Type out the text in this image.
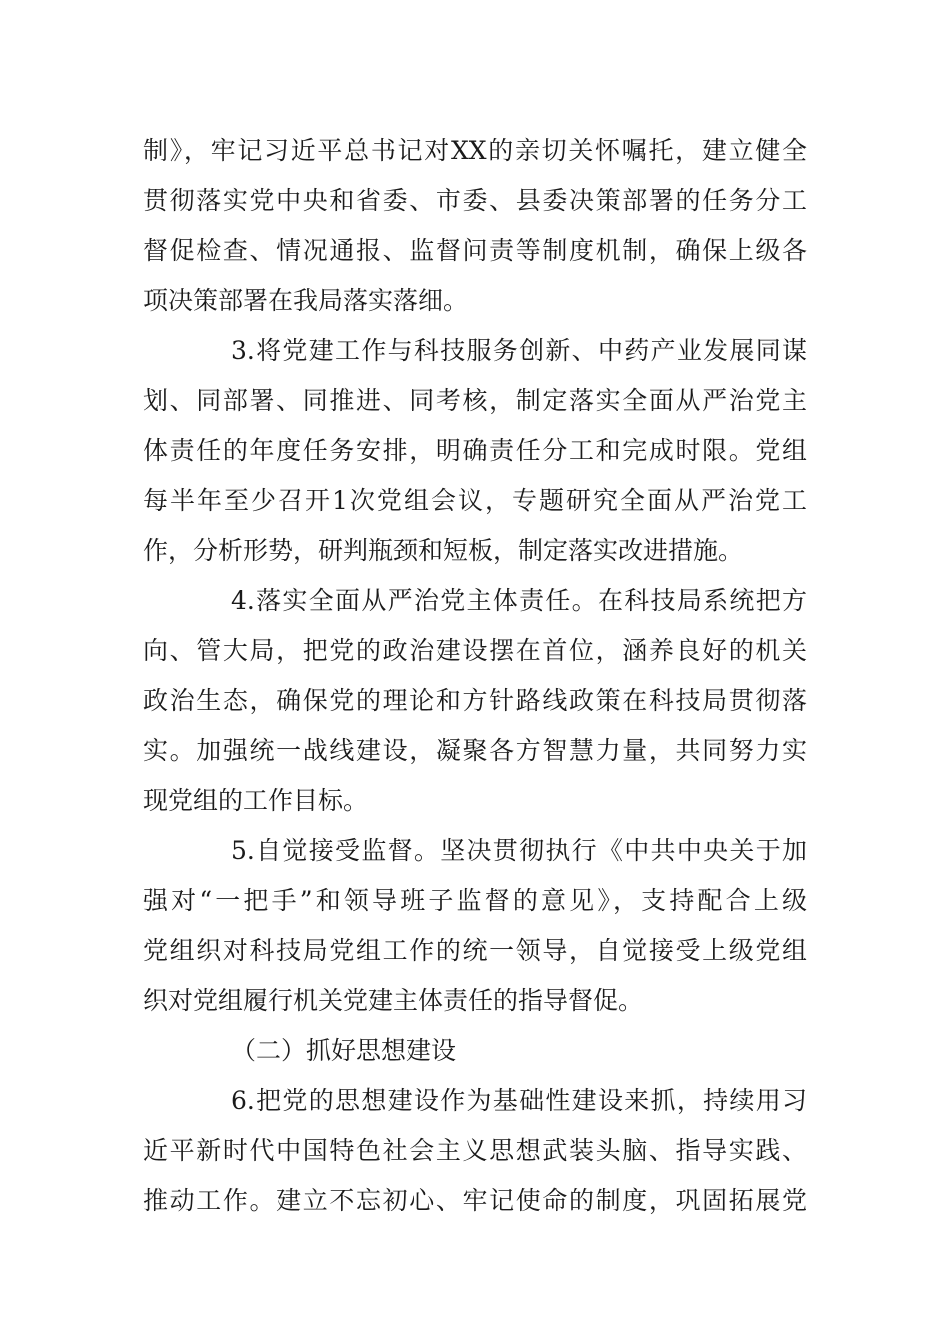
制》，牢记习近平总书记对XX的亲切关怀嘱托，建立健全
贯彻落实党中央和省委、市委、县委决策部署的任务分工
督促检查、情况通报、监督问责等制度机制，确保上级各
项决策部署在我局落实落细。
3.将党建工作与科技服务创新、中药产业发展同谋
划、同部署、同推进、同考核，制定落实全面从严治党主
体责任的年度任务安排，明确责任分工和完成时限。党组
每半年至少召开1次党组会议，专题研究全面从严治党工
作，分析形势，研判瓶颈和短板，制定落实改进措施。
4.落实全面从严治党主体责任。在科技局系统把方
向、管大局，把党的政治建设摆在首位，涵养良好的机关
政治生态，确保党的理论和方针路线政策在科技局贯彻落
实。加强统一战线建设，凝聚各方智慧力量，共同努力实
现党组的工作目标。
5.自觉接受监督。坚决贯彻执行《中共中央关于加
强对“一把手”和领导班子监督的意见》，支持配合上级
党组织对科技局党组工作的统一领导，自觉接受上级党组
织对党组履行机关党建主体责任的指导督促。
（二）抓好思想建设
6.把党的思想建设作为基础性建设来抓，持续用习
近平新时代中国特色社会主义思想武装头脑、指导实践、
推动工作。建立不忘初心、牢记使命的制度，巩固拓展党
